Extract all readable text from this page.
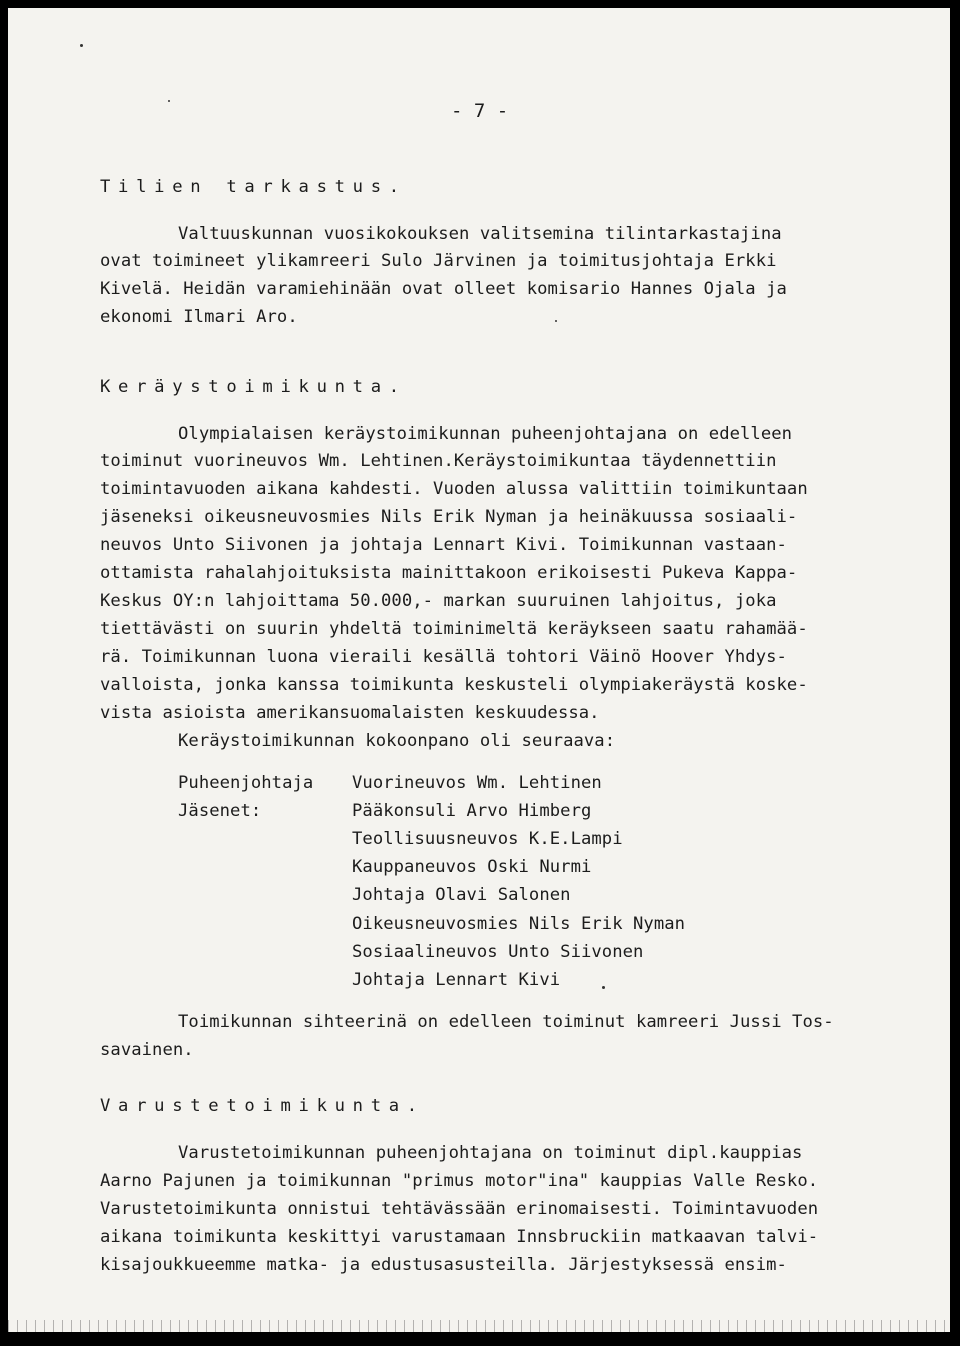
- 7 -

Tilien tarkastus.

Valtuuskunnan vuosikokouksen valitsemina tilintarkastajina

ovat toimineet ylikamreeri Sulo Järvinen ja toimitusjohtaja Erkki

Kivelä. Heidän varamiehinään ovat olleet komisario Hannes Ojala ja

ekonomi Ilmari Aro.

Keräystoimikunta.

Olympialaisen keräystoimikunnan puheenjohtajana on edelleen

toiminut vuorineuvos Wm. Lehtinen.Keräystoimikuntaa täydennettiin

toimintavuoden aikana kahdesti. Vuoden alussa valittiin toimikuntaan

jäseneksi oikeusneuvosmies Nils Erik Nyman ja heinäkuussa sosiaali-

neuvos Unto Siivonen ja johtaja Lennart Kivi. Toimikunnan vastaan-

ottamista rahalahjoituksista mainittakoon erikoisesti Pukeva Kappa-

Keskus OY:n lahjoittama 50.000,- markan suuruinen lahjoitus, joka

tiettävästi on suurin yhdeltä toiminimeltä keräykseen saatu rahamää-

rä. Toimikunnan luona vieraili kesällä tohtori Väinö Hoover Yhdys-

valloista, jonka kanssa toimikunta keskusteli olympiakeräystä koske-

vista asioista amerikansuomalaisten keskuudessa.

Keräystoimikunnan kokoonpano oli seuraava:

Puheenjohtaja Vuorineuvos Wm. Lehtinen

Jäsenet:	Pääkonsuli Arvo Himberg

Teollisuusneuvos K.E.Lampi

Kauppaneuvos Oski Nurmi

Johtaja Olavi Salonen

Oikeusneuvosmies Nils Erik Nyman

Sosiaalineuvos Unto Siivonen

Johtaja Lennart Kivi

Toimikunnan sihteerinä on edelleen toiminut kamreeri Jussi Tos-

savainen.

Varustetoimikunta.

Varustetoimikunnan puheenjohtajana on toiminut dipl.kauppias

Aarno Pajunen ja toimikunnan "primus motor"ina" kauppias Valle Resko.

Varustetoimikunta onnistui tehtävässään erinomaisesti. Toimintavuoden

aikana toimikunta keskittyi varustamaan Innsbruckiin matkaavan talvi-

kisajoukkueemme matka- ja edustusasusteilla. Järjestyksessä ensim-
